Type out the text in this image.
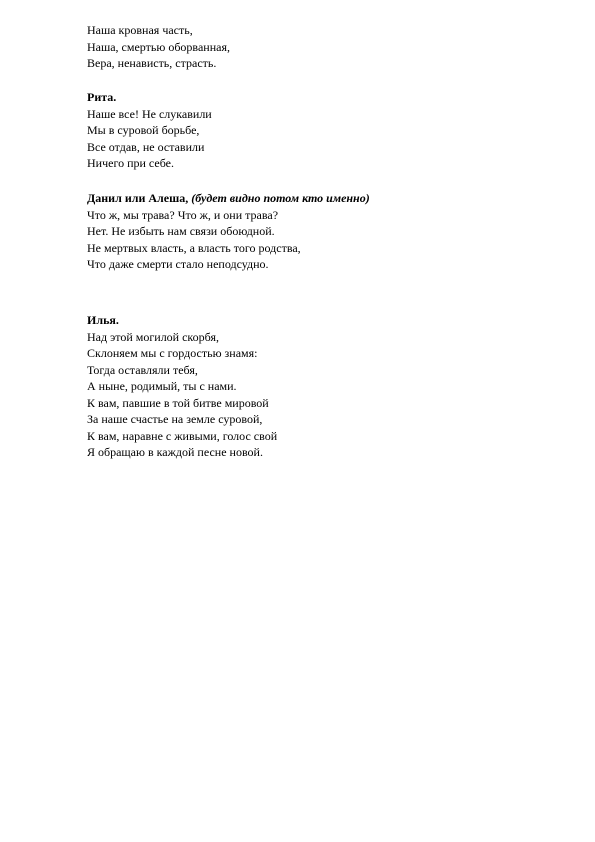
Наша кровная часть,
Наша, смертью оборванная,
Вера, ненависть, страсть.
Рита.
Наше все! Не слукавили
Мы в суровой борьбе,
Все отдав, не оставили
Ничего при себе.
Данил или Алеша, (будет видно потом кто именно)
Что ж, мы трава? Что ж, и они трава?
Нет. Не избыть нам связи обоюдной.
Не мертвых власть, а власть того родства,
Что даже смерти стало неподсудно.
Илья.
Над этой могилой скорбя,
Склоняем мы с гордостью знамя:
Тогда оставляли тебя,
А ныне, родимый, ты с нами.
К вам, павшие в той битве мировой
За наше счастье на земле суровой,
К вам, наравне с живыми, голос свой
Я обращаю в каждой песне новой.
